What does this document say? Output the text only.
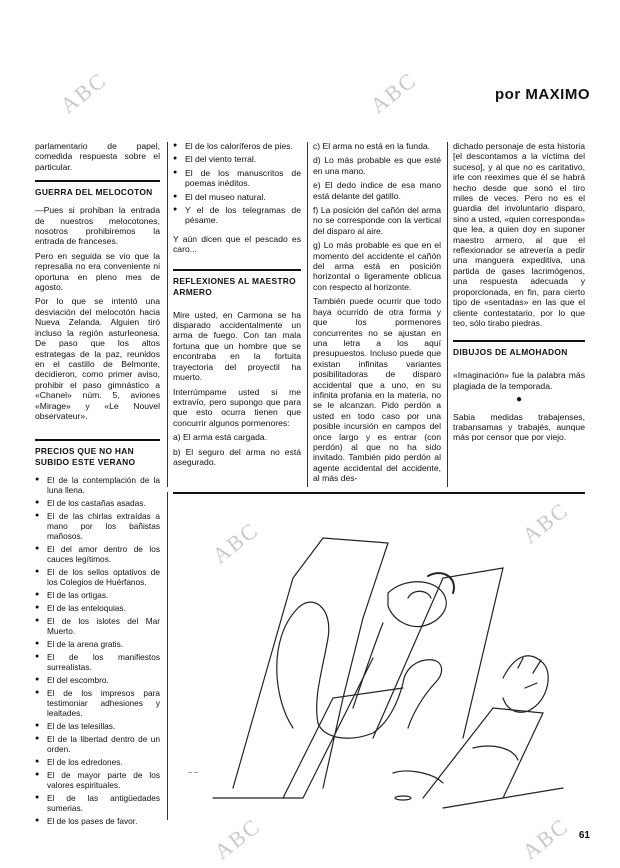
ABC	ABC
ABC	ABC
ABC	ABC
por MAXIMO

parlamentario de papel, comedida respuesta sobre el particular.

GUERRA DEL MELOCOTON

—Pues si prohiban la entrada de nuestros melocotones, nosotros prohibiremos la entrada de franceses.

Pero en seguida se vio que la represalia no era conveniente ni oportuna en pleno mes de agosto.

Por lo que se intentó una desviación del melocotón hacia Nueva Zelanda. Alguien tiró incluso la región asturleonesa. De paso que los altos estrategas de la paz, reunidos en el castillo de Belmonte, decidieron, como primer aviso, prohibir el paso gimnástico a «Chanel» núm. 5, aviones «Mirage» y «Le Nouvel observateur».

PRECIOS QUE NO HAN SUBIDO ESTE VERANO
● El de la contemplación de la luna llena.
● El de los castañas asadas.
● El de las chirlas extraídas a mano por los bañistas mañosos.
● El del amor dentro de los cauces legítimos.
● El de los sellos optativos de los Colegios de Huérfanos.
● El de las ortigas.
● El de las enteloquias.
● El de los islotes del Mar Muerto.
● El de la arena gratis.
● El de los manifiestos surrealistas.
● El del escombro.
● El de los impresos para testimoniar adhesiones y lealtades.
● El de las telesillas.
● El de la libertad dentro de un orden.
● El de los edredones.
● El de mayor parte de los valores espirituales.
● El de las antigüedades sumerias.
● El de los pases de favor.
● El de los caloríferos de pies.
● El del viento terral.
● El de los manuscritos de poemas inéditos.
● El del museo natural.
● Y el de los telegramas de pésame.

Y aún dicen que el pescado es caro...

REFLEXIONES AL MAESTRO ARMERO

Mire usted, en Carmona se ha disparado accidentalmente un arma de fuego. Con tan mala fortuna que un hombre que se encontraba en la fortuita trayectoria del proyectil ha muerto.

Interrúmpame usted si me extravío, pero supongo que para que esto ocurra tienen que concurrir algunos pormenores:

a) El arma está cargada.

b) El seguro del arma no está asegurado.

c) El arma no está en la funda.

d) Lo más probable es que esté en una mano.

e) El dedo índice de esa mano está delante del gatillo.

f) La posición del cañón del arma no se corresponde con la vertical del disparo al aire.

g) Lo más probable es que en el momento del accidente el cañón del arma está en posición horizontal o ligeramente oblicua con respecto al horizonte.

También puede ocurrir que todo haya ocurrido de otra forma y que los pormenores concurrentes no se ajustan en una letra a los aquí presupuestos. Incluso puede que existan infinitas variantes posibilitadoras de disparo accidental que a uno, en su infinita profania en la materia, no se le alcanzan. Pido perdón a usted en todo caso por una posible incursión en campos del once largo y es entrar (con perdón) al que no ha sido invitado. También pido perdón al agente accidental del accidente, al más des-

dichado personaje de esta historia [el descontamos a la víctima del suceso], y al que no es caritativo, irle con reeximes que él se habrá hecho desde que sonó el tiro miles de veces. Pero no es el guardia del involuntario disparo, sino a usted, «quien corresponda» que lea, a quien doy en suponer maestro armero, al que el reflexionador se atrevería a pedir una manguera expeditiva, una partida de gases lacrimógenos, una respuesta adecuada y proporcionada, en fin, para cierto tipo de «sentadas» en las que el cliente contestatario, por lo que teo, sólo tirabo piedras.

DIBUJOS DE ALMOHADON

«Imaginación» fue la palabra más plagiada de la temporada.

●

Sabia medidas trabajenses, trabansamas y trabajés, aunque más por censor que por viejo.

~ ~
61
